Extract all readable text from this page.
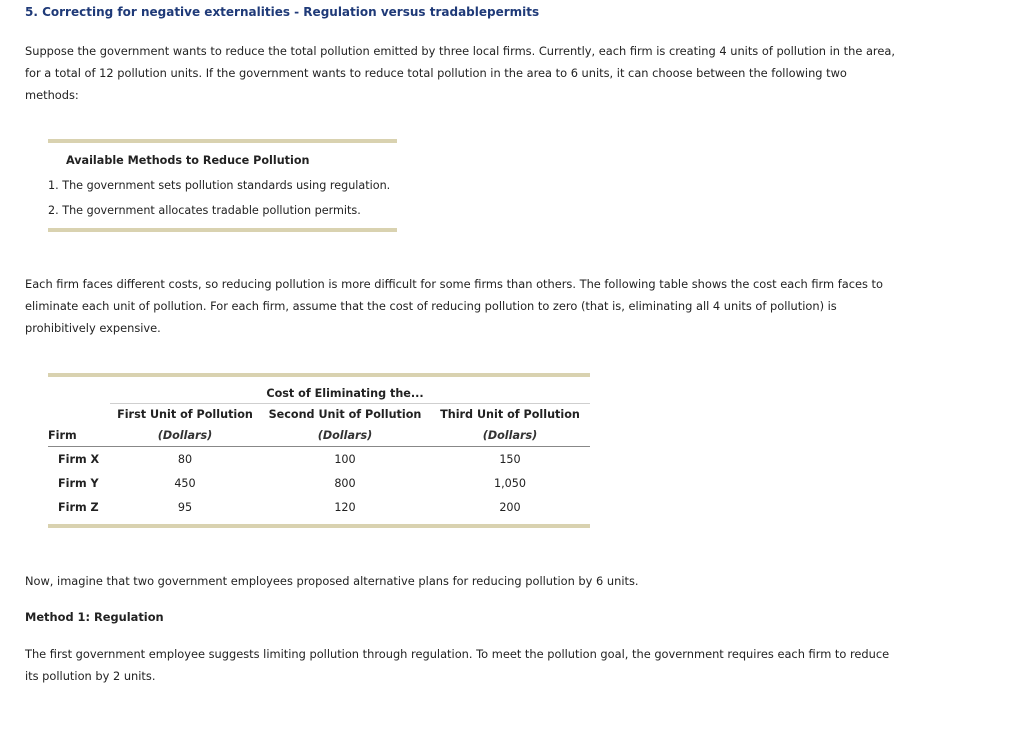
5. Correcting for negative externalities - Regulation versus tradablepermits

Suppose the government wants to reduce the total pollution emitted by three local firms. Currently, each firm is creating 4 units of pollution in the area, for a total of 12 pollution units. If the government wants to reduce total pollution in the area to 6 units, it can choose between the following two methods:

Available Methods to Reduce Pollution
1. The government sets pollution standards using regulation.
2. The government allocates tradable pollution permits.

Each firm faces different costs, so reducing pollution is more difficult for some firms than others. The following table shows the cost each firm faces to eliminate each unit of pollution. For each firm, assume that the cost of reducing pollution to zero (that is, eliminating all 4 units of pollution) is prohibitively expensive.

		Cost of Eliminating the...	
	First Unit of Pollution	Second Unit of Pollution	Third Unit of Pollution
Firm	(Dollars)	(Dollars)	(Dollars)
Firm X	80	100	150
Firm Y	450	800	1,050
Firm Z	95	120	200

Now, imagine that two government employees proposed alternative plans for reducing pollution by 6 units.

Method 1: Regulation

The first government employee suggests limiting pollution through regulation. To meet the pollution goal, the government requires each firm to reduce its pollution by 2 units.
